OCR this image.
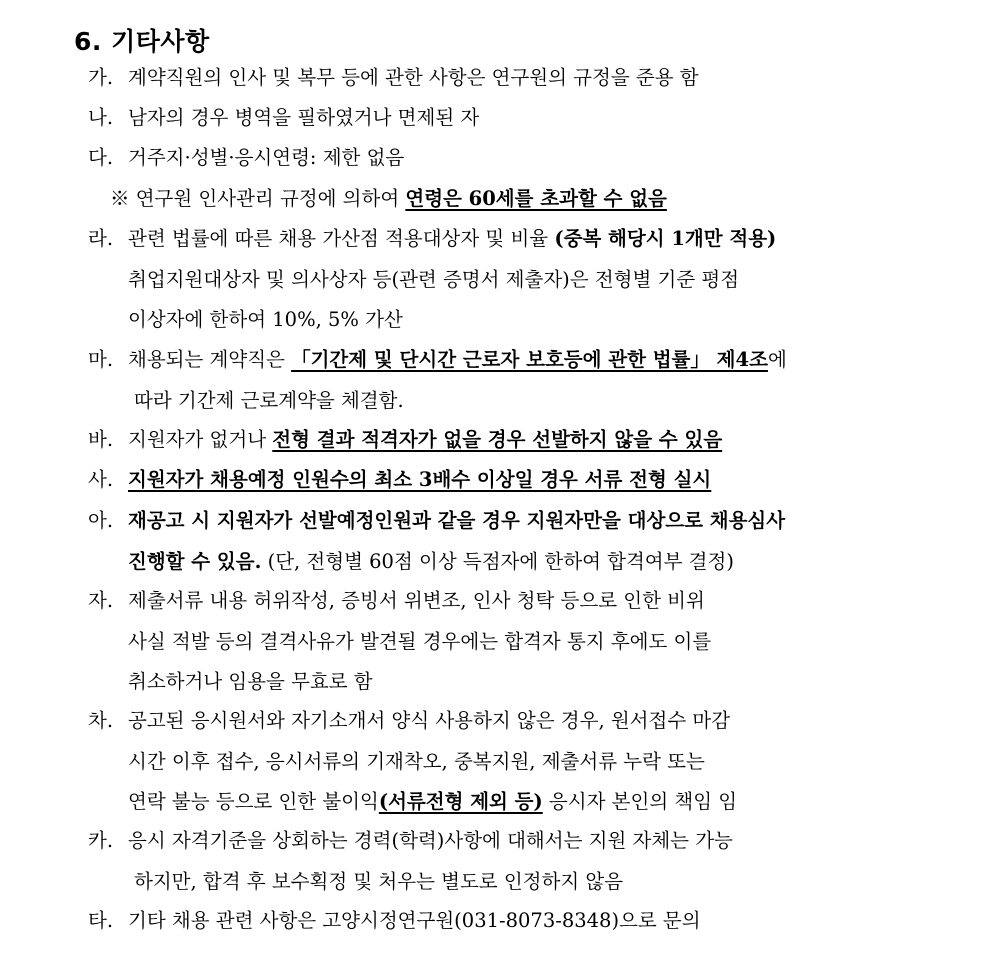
6. 기타사항
가. 계약직원의 인사 및 복무 등에 관한 사항은 연구원의 규정을 준용 함
나. 남자의 경우 병역을 필하였거나 면제된 자
다. 거주지·성별·응시연령: 제한 없음
※ 연구원 인사관리 규정에 의하여 연령은 60세를 초과할 수 없음
라. 관련 법률에 따른 채용 가산점 적용대상자 및 비율 (중복 해당시 1개만 적용)
취업지원대상자 및 의사상자 등(관련 증명서 제출자)은 전형별 기준 평점
이상자에 한하여 10%, 5% 가산
마. 채용되는 계약직은 「기간제 및 단시간 근로자 보호등에 관한 법률」 제4조에
따라 기간제 근로계약을 체결함.
바. 지원자가 없거나 전형 결과 적격자가 없을 경우 선발하지 않을 수 있음
사. 지원자가 채용예정 인원수의 최소 3배수 이상일 경우 서류 전형 실시
아. 재공고 시 지원자가 선발예정인원과 같을 경우 지원자만을 대상으로 채용심사
진행할 수 있음. (단, 전형별 60점 이상 득점자에 한하여 합격여부 결정)
자. 제출서류 내용 허위작성, 증빙서 위변조, 인사 청탁 등으로 인한 비위
사실 적발 등의 결격사유가 발견될 경우에는 합격자 통지 후에도 이를
취소하거나 임용을 무효로 함
차. 공고된 응시원서와 자기소개서 양식 사용하지 않은 경우, 원서접수 마감
시간 이후 접수, 응시서류의 기재착오, 중복지원, 제출서류 누락 또는
연락 불능 등으로 인한 불이익(서류전형 제외 등) 응시자 본인의 책임 임
카. 응시 자격기준을 상회하는 경력(학력)사항에 대해서는 지원 자체는 가능
하지만, 합격 후 보수획정 및 처우는 별도로 인정하지 않음
타. 기타 채용 관련 사항은 고양시정연구원(031-8073-8348)으로 문의
